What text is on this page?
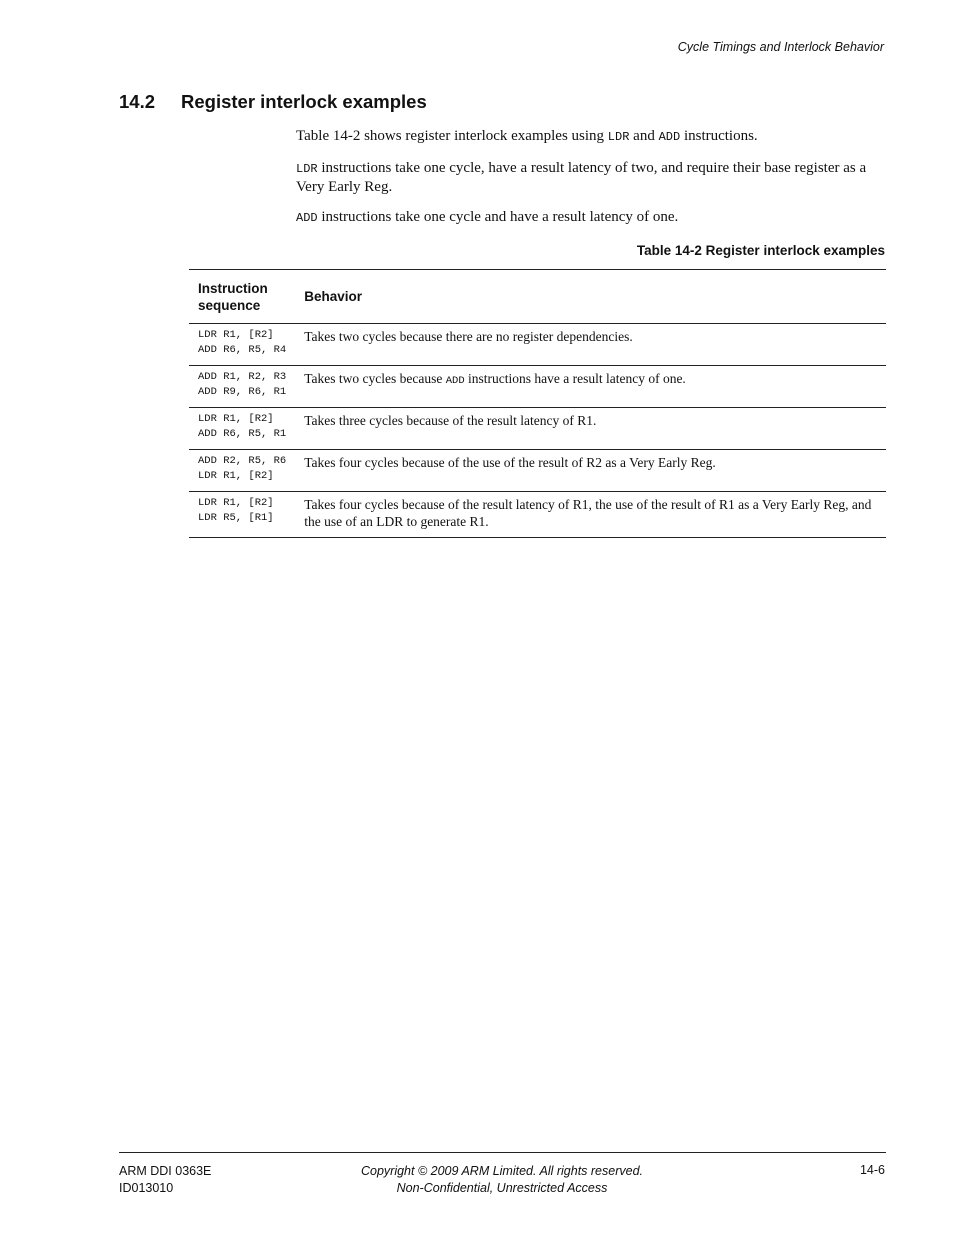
Cycle Timings and Interlock Behavior
14.2 Register interlock examples

Table 14-2 shows register interlock examples using LDR and ADD instructions.

LDR instructions take one cycle, have a result latency of two, and require their base register as a Very Early Reg.

ADD instructions take one cycle and have a result latency of one.

Table 14-2 Register interlock examples
Instruction
sequence	Behavior

LDR R1, [R2]
ADD R6, R5, R4	Takes two cycles because there are no register dependencies.

ADD R1, R2, R3
ADD R9, R6, R1	Takes two cycles because ADD instructions have a result latency of one.

LDR R1, [R2]
ADD R6, R5, R1	Takes three cycles because of the result latency of R1.

ADD R2, R5, R6
LDR R1, [R2]	Takes four cycles because of the use of the result of R2 as a Very Early Reg.

LDR R1, [R2]
LDR R5, [R1]	Takes four cycles because of the result latency of R1, the use of the result of R1 as a Very Early Reg, and the use of an LDR to generate R1.
ARM DDI 0363E
ID013010
Copyright © 2009 ARM Limited. All rights reserved.
Non-Confidential, Unrestricted Access
14-6
